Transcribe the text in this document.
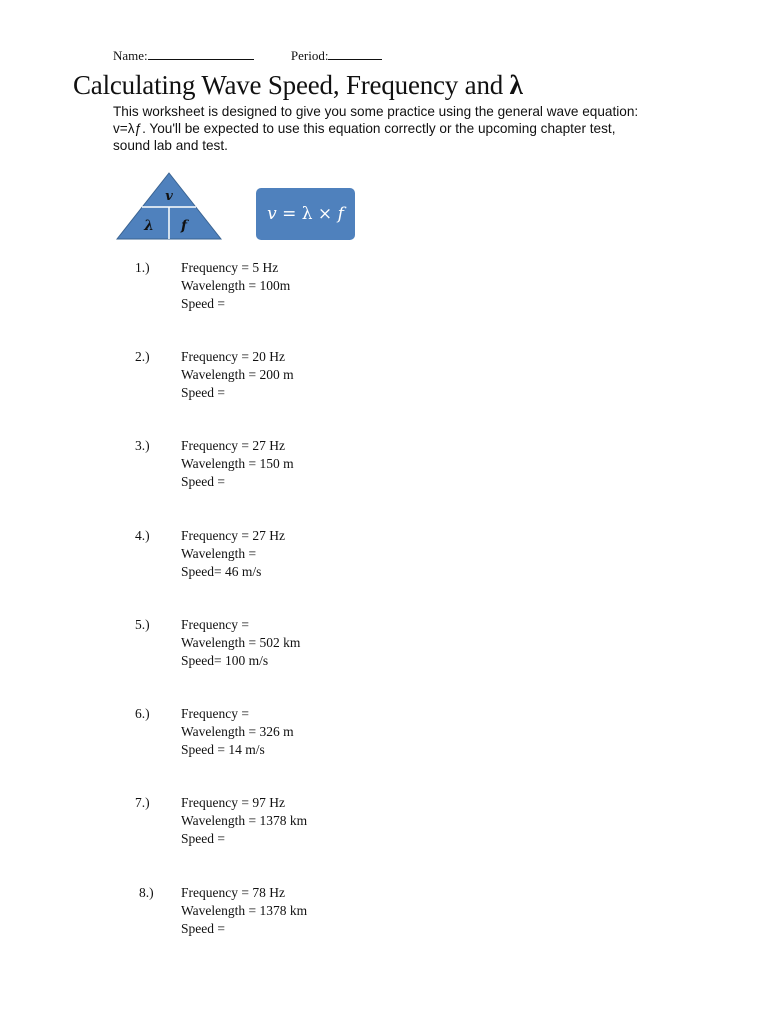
Name:	Period:
Calculating Wave Speed, Frequency and λ
This worksheet is designed to give you some practice using the general wave equation: v=λƒ. You'll be expected to use this equation correctly or the upcoming chapter test, sound lab and test.
v
λ f
v = λ × f
1.)	Frequency = 5 Hz
Wavelength = 100m
Speed =
2.)	Frequency = 20 Hz
Wavelength = 200 m
Speed =
3.)	Frequency = 27 Hz
Wavelength = 150 m
Speed =
4.)	Frequency = 27 Hz
Wavelength =
Speed= 46 m/s
5.)	Frequency =
Wavelength = 502 km
Speed= 100 m/s
6.)	Frequency =
Wavelength = 326 m
Speed = 14 m/s
7.)	Frequency = 97 Hz
Wavelength = 1378 km
Speed =
8.)	Frequency = 78 Hz
Wavelength = 1378 km
Speed =
